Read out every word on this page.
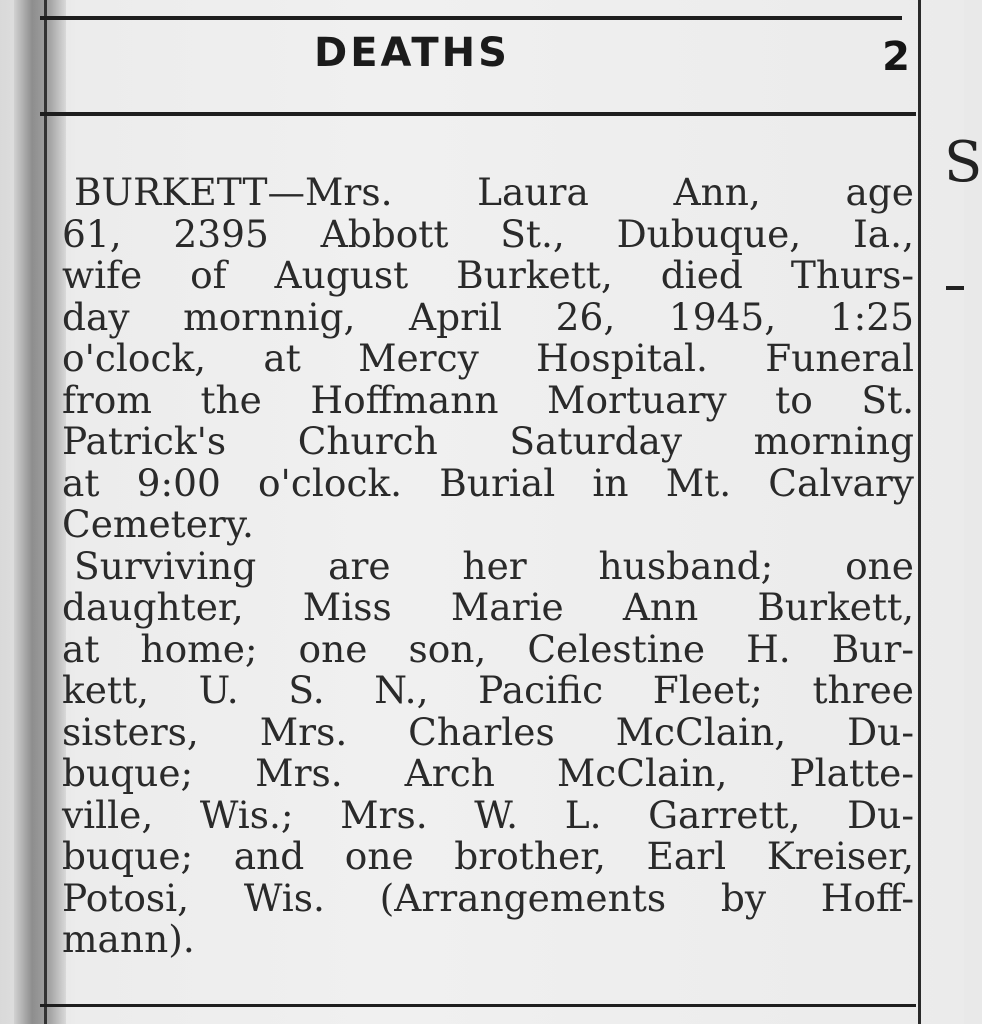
DEATHS	2
BURKETT—Mrs. Laura Ann, age
61, 2395 Abbott St., Dubuque, Ia.,
wife of August Burkett, died Thurs-
day mornnig, April 26, 1945, 1:25
o'clock, at Mercy Hospital. Funeral
from the Hoffmann Mortuary to St.
Patrick's Church Saturday morning
at 9:00 o'clock. Burial in Mt. Calvary
Cemetery.
Surviving are her husband; one
daughter, Miss Marie Ann Burkett,
at home; one son, Celestine H. Bur-
kett, U. S. N., Pacific Fleet; three
sisters, Mrs. Charles McClain, Du-
buque; Mrs. Arch McClain, Platte-
ville, Wis.; Mrs. W. L. Garrett, Du-
buque; and one brother, Earl Kreiser,
Potosi, Wis. (Arrangements by Hoff-
mann).
S
